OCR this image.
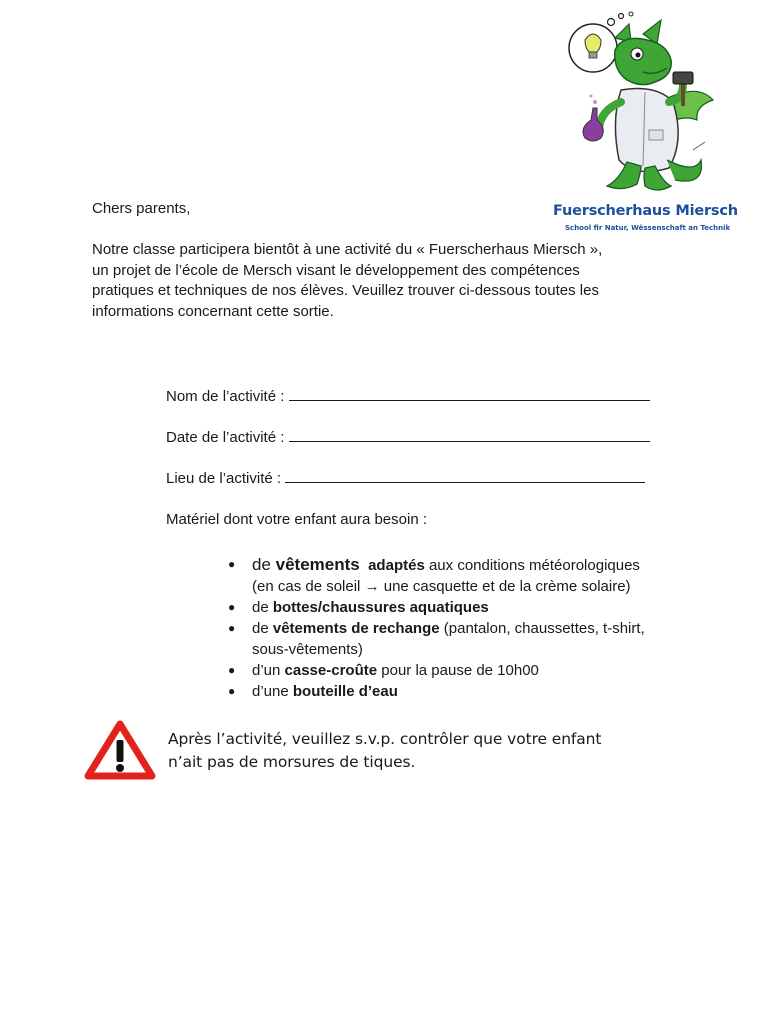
Fuerscherhaus Miersch
School fir Natur, Wëssenschaft an Technik
Chers parents,
Notre classe participera bientôt à une activité du « Fuerscherhaus Miersch »,
un projet de l’école de Mersch visant le développement des compétences
pratiques et techniques de nos élèves. Veuillez trouver ci-dessous toutes les
informations concernant cette sortie.
Nom de l’activité :
Date de l’activité :
Lieu de l’activité :
Matériel dont votre enfant aura besoin :
● de vêtements adaptés aux conditions météorologiques
(en cas de soleil → une casquette et de la crème solaire)
● de bottes/chaussures aquatiques
● de vêtements de rechange (pantalon, chaussettes, t-shirt,
sous-vêtements)
● d’un casse-croûte pour la pause de 10h00
● d’une bouteille d’eau
Après l’activité, veuillez s.v.p. contrôler que votre enfant
n’ait pas de morsures de tiques.
